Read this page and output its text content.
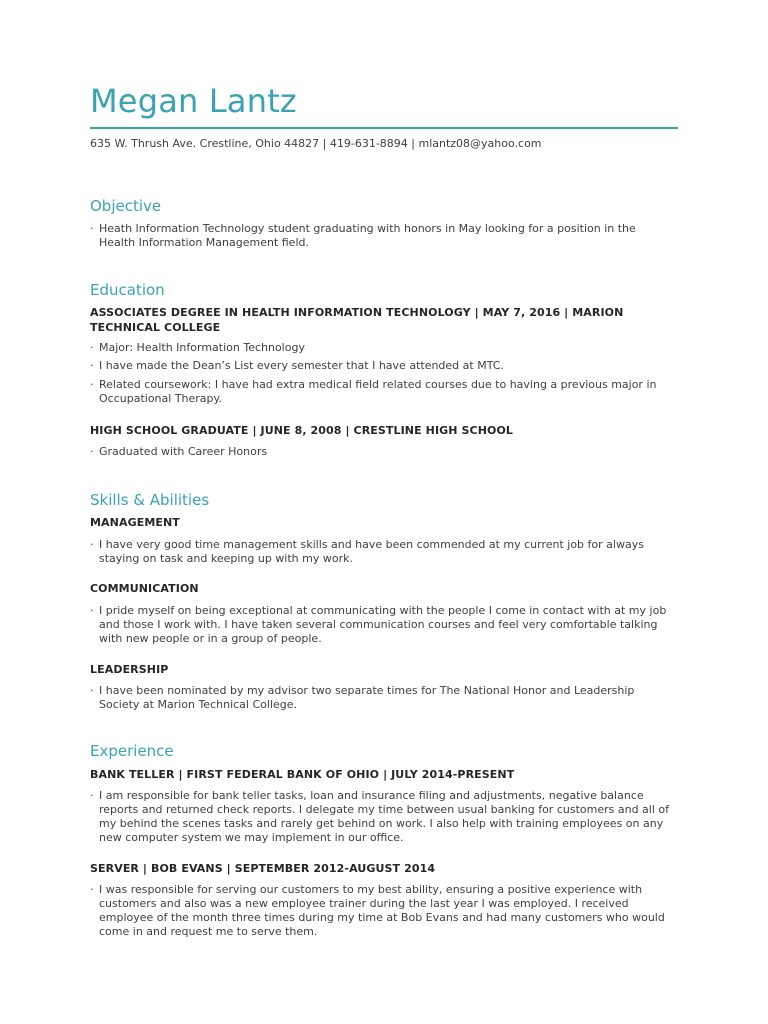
Megan Lantz
635 W. Thrush Ave. Crestline, Ohio 44827 | 419-631-8894 | mlantz08@yahoo.com
Objective
· Heath Information Technology student graduating with honors in May looking for a position in the Health Information Management field.
Education
ASSOCIATES DEGREE IN HEALTH INFORMATION TECHNOLOGY | MAY 7, 2016 | MARION TECHNICAL COLLEGE
· Major: Health Information Technology
· I have made the Dean’s List every semester that I have attended at MTC.
· Related coursework: I have had extra medical field related courses due to having a previous major in Occupational Therapy.
HIGH SCHOOL GRADUATE | JUNE 8, 2008 | CRESTLINE HIGH SCHOOL
· Graduated with Career Honors
Skills & Abilities
MANAGEMENT
· I have very good time management skills and have been commended at my current job for always staying on task and keeping up with my work.
COMMUNICATION
· I pride myself on being exceptional at communicating with the people I come in contact with at my job and those I work with. I have taken several communication courses and feel very comfortable talking with new people or in a group of people.
LEADERSHIP
· I have been nominated by my advisor two separate times for The National Honor and Leadership Society at Marion Technical College.
Experience
BANK TELLER | FIRST FEDERAL BANK OF OHIO | JULY 2014-PRESENT
· I am responsible for bank teller tasks, loan and insurance filing and adjustments, negative balance reports and returned check reports. I delegate my time between usual banking for customers and all of my behind the scenes tasks and rarely get behind on work. I also help with training employees on any new computer system we may implement in our office.
SERVER | BOB EVANS | SEPTEMBER 2012-AUGUST 2014
· I was responsible for serving our customers to my best ability, ensuring a positive experience with customers and also was a new employee trainer during the last year I was employed. I received employee of the month three times during my time at Bob Evans and had many customers who would come in and request me to serve them.
